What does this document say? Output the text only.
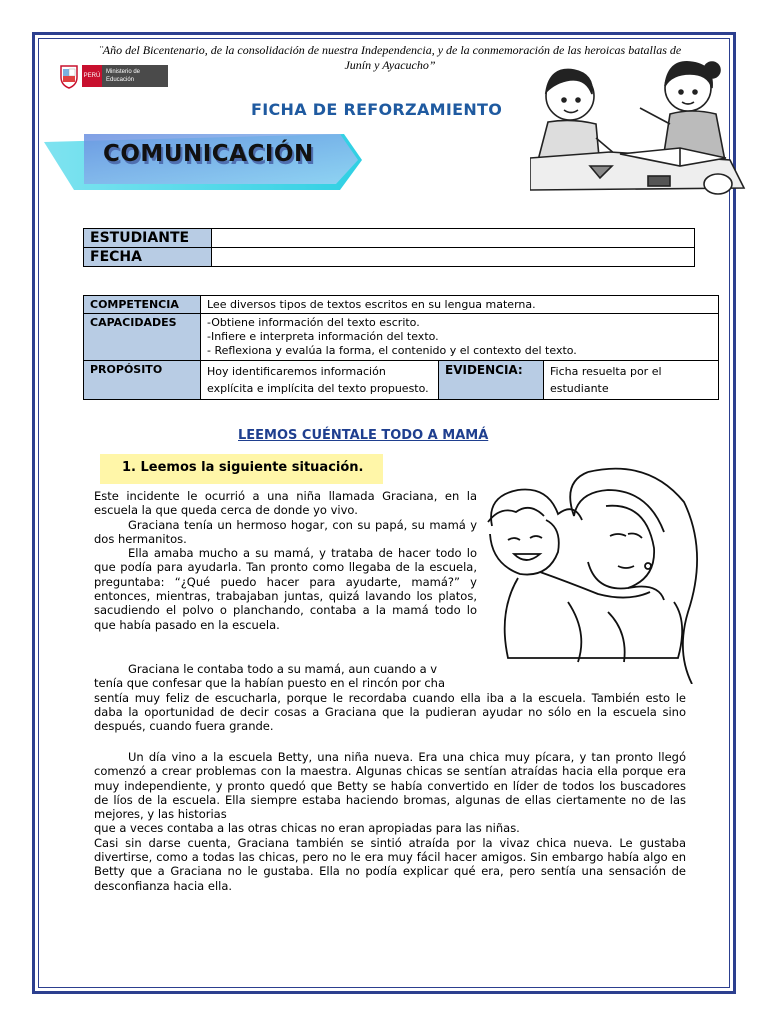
¨Año del Bicentenario, de la consolidación de nuestra Independencia, y de la conmemoración de las heroicas batallas de
Junín y Ayacucho”
PERÚ
Ministerio de Educación
FICHA DE REFORZAMIENTO
COMUNICACIÓN
ESTUDIANTE	
FECHA	
COMPETENCIA	Lee diversos tipos de textos escritos en su lengua materna.		
CAPACIDADES	-Obtiene información del texto escrito.
-Infiere e interpreta información del texto.
- Reflexiona y evalúa la forma, el contenido y el contexto del texto.		

PROPÓSITO	Hoy identificaremos información explícita e implícita del texto propuesto.	EVIDENCIA:	Ficha resuelta por el estudiante
LEEMOS CUÉNTALE TODO A MAMÁ
1. Leemos la siguiente situación.
Este incidente le ocurrió a una niña llamada Graciana, en la escuela la que queda cerca de donde yo vivo.
Graciana tenía un hermoso hogar, con su papá, su mamá y dos hermanitos.
Ella amaba mucho a su mamá, y trataba de hacer todo lo que podía para ayudarla. Tan pronto como llegaba de la escuela, preguntaba: “¿Qué puedo hacer para ayudarte, mamá?” y entonces, mientras, trabajaban juntas, quizá lavando los platos, sacudiendo el polvo o planchando, contaba a la mamá todo lo que había pasado en la escuela.
Graciana le contaba todo a su mamá, aun cuando a v
tenía que confesar que la habían puesto en el rincón por cha
sentía muy feliz de escucharla, porque le recordaba cuando ella iba a la escuela. También esto le daba la oportunidad de decir cosas a Graciana que la pudieran ayudar no sólo en la escuela sino después, cuando fuera grande.
Un día vino a la escuela Betty, una niña nueva. Era una chica muy pícara, y tan pronto llegó comenzó a crear problemas con la maestra. Algunas chicas se sentían atraídas hacia ella porque era muy independiente, y pronto quedó que Betty se había convertido en líder de todos los buscadores de líos de la escuela. Ella siempre estaba haciendo bromas, algunas de ellas ciertamente no de las mejores, y las historias
que a veces contaba a las otras chicas no eran apropiadas para las niñas.
Casi sin darse cuenta, Graciana también se sintió atraída por la vivaz chica nueva. Le gustaba divertirse, como a todas las chicas, pero no le era muy fácil hacer amigos. Sin embargo había algo en Betty que a Graciana no le gustaba. Ella no podía explicar qué era, pero sentía una sensación de desconfianza hacia ella.
